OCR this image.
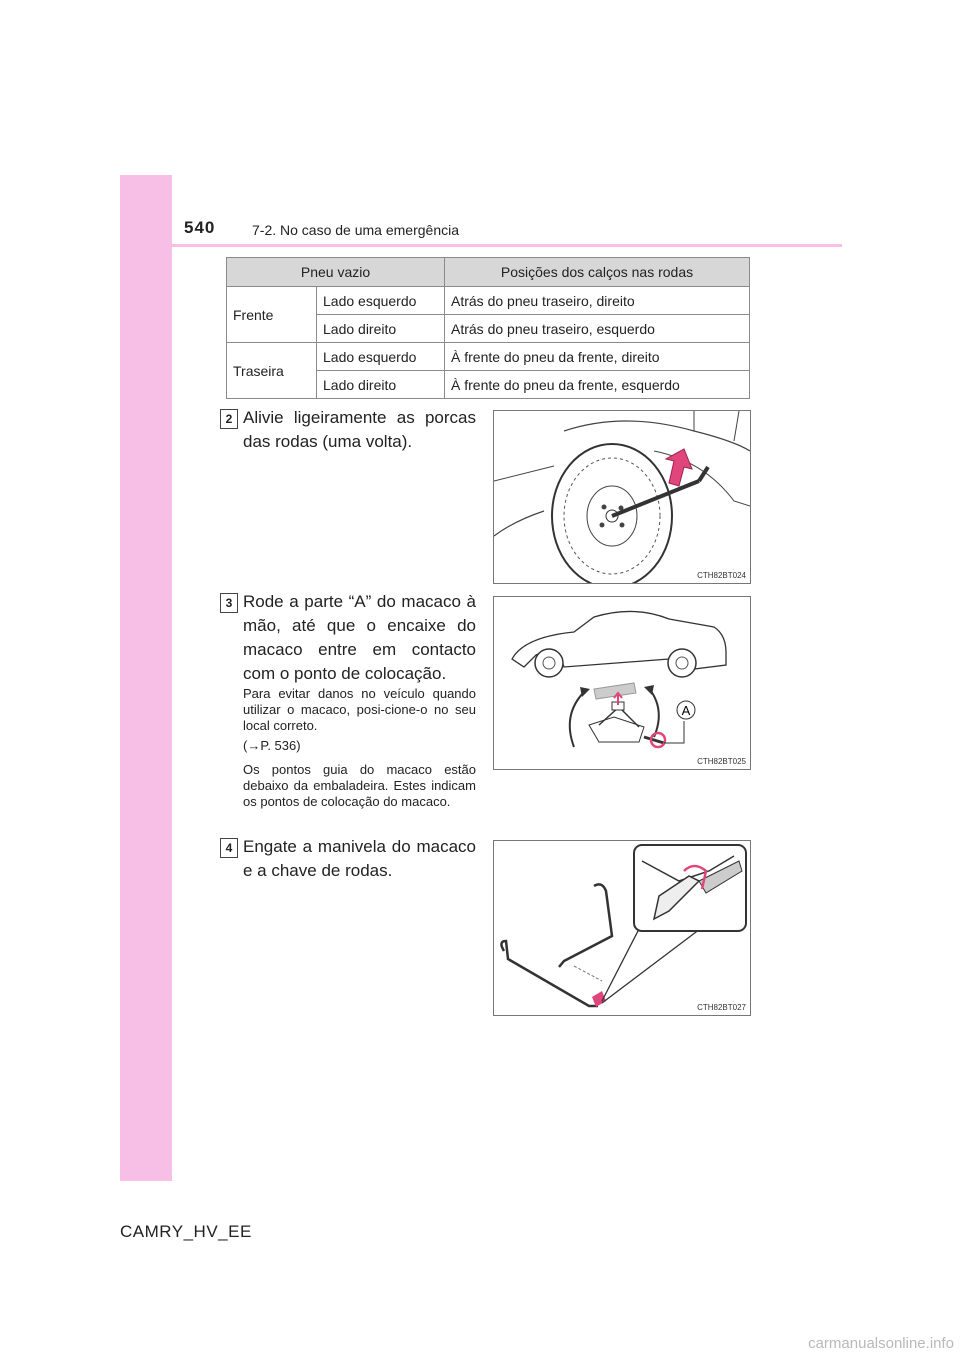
540	7-2. No caso de uma emergência
Pneu vazio		Posições dos calços nas rodas
Frente	Lado esquerdo	Atrás do pneu traseiro, direito
	Lado direito	Atrás do pneu traseiro, esquerdo
Traseira	Lado esquerdo	À frente do pneu da frente, direito
	Lado direito	À frente do pneu da frente, esquerdo
2 Alivie ligeiramente as porcas das rodas (uma volta).
CTH82BT024
3 Rode a parte “A” do macaco à mão, até que o encaixe do macaco entre em contacto com o ponto de colocação.
Para evitar danos no veículo quando utilizar o macaco, posi-cione-o no seu local correto.
(→P. 536)
Os pontos guia do macaco estão debaixo da embaladeira. Estes indicam os pontos de colocação do macaco.
A
CTH82BT025
4 Engate a manivela do macaco e a chave de rodas.
CTH82BT027
CAMRY_HV_EE
carmanualsonline.info
